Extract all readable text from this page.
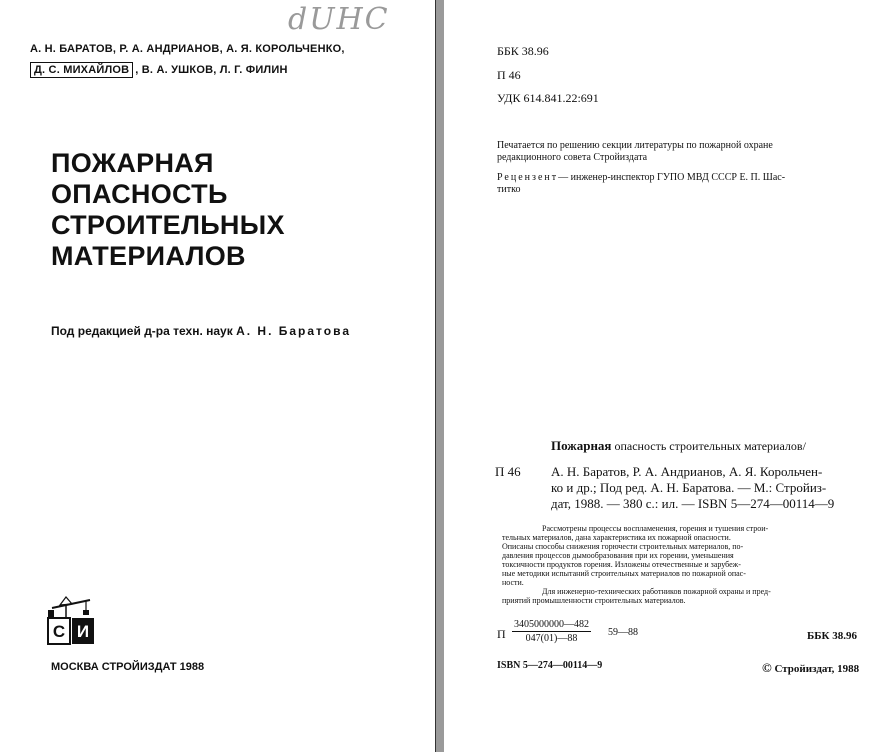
dUHC
А. Н. БАРАТОВ, Р. А. АНДРИАНОВ, А. Я. КОРОЛЬЧЕНКО,
Д. С. МИХАЙЛОВ , В. А. УШКОВ, Л. Г. ФИЛИН
ПОЖАРНАЯ
ОПАСНОСТЬ
СТРОИТЕЛЬНЫХ
МАТЕРИАЛОВ
Под редакцией д-ра техн. наук А. Н. Баратова
С И
МОСКВА СТРОЙИЗДАТ 1988
ББК 38.96
П 46
УДК 614.841.22:691
Печатается по решению секции литературы по пожарной охране
редакционного совета Стройиздата
Рецензент— инженер-инспектор ГУПО МВД СССР Е. П. Шас-
титко
Пожарная опасность строительных материалов/
П 46 А. Н. Баратов, Р. А. Андрианов, А. Я. Корольчен-
ко и др.; Под ред. А. Н. Баратова. — М.: Стройиз-
дат, 1988. — 380 с.: ил. — ISBN 5—274—00114—9
Рассмотрены процессы воспламенения, горения и тушения строи-
тельных материалов, дана характеристика их пожарной опасности.
Описаны способы снижения горючести строительных материалов, по-
давления процессов дымообразования при их горении, уменьшения
токсичности продуктов горения. Изложены отечественные и зарубеж-
ные методики испытаний строительных материалов по пожарной опас-
ности.
Для инженерно-технических работников пожарной охраны и пред-
приятий промышленности строительных материалов.
П $\frac{3405000000—482}{047(01)—88}$ 59—88	ББК 38.96
ISBN 5—274—00114—9	© Стройиздат, 1988
